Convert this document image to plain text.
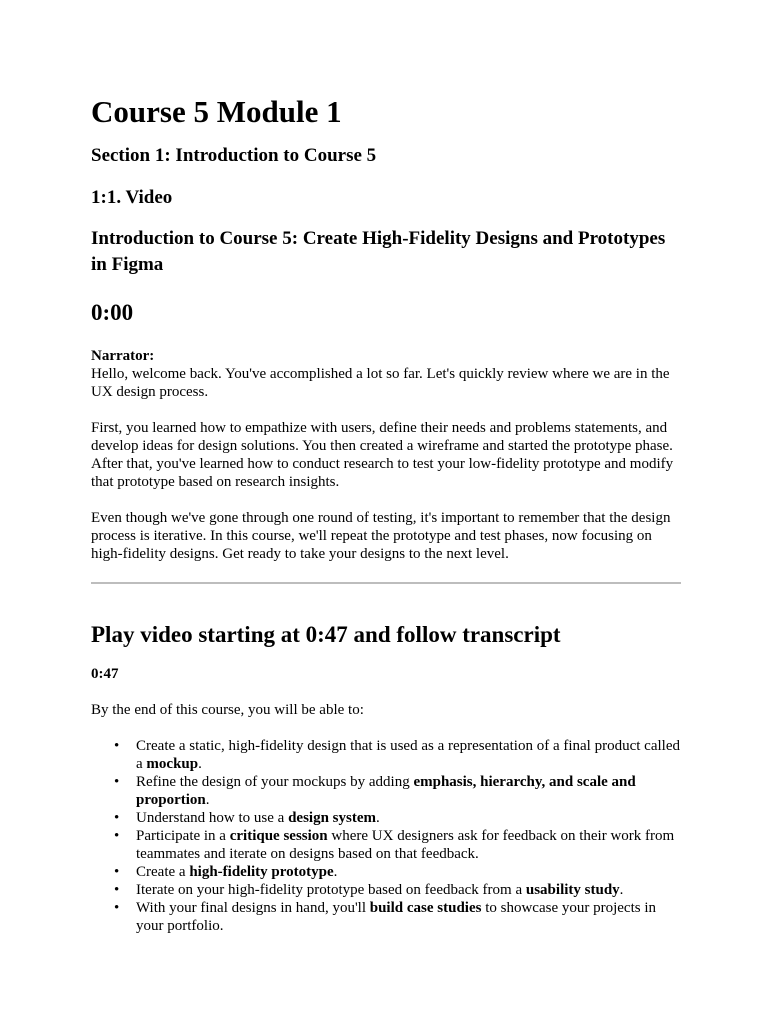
Course 5 Module 1
Section 1: Introduction to Course 5
1:1. Video
Introduction to Course 5: Create High-Fidelity Designs and Prototypes in Figma
0:00

Narrator:
Hello, welcome back. You've accomplished a lot so far. Let's quickly review where we are in the UX design process.

First, you learned how to empathize with users, define their needs and problems statements, and develop ideas for design solutions. You then created a wireframe and started the prototype phase. After that, you've learned how to conduct research to test your low-fidelity prototype and modify that prototype based on research insights.

Even though we've gone through one round of testing, it's important to remember that the design process is iterative. In this course, we'll repeat the prototype and test phases, now focusing on high-fidelity designs. Get ready to take your designs to the next level.

Play video starting at 0:47 and follow transcript

0:47

By the end of this course, you will be able to:

• Create a static, high-fidelity design that is used as a representation of a final product called a mockup.
• Refine the design of your mockups by adding emphasis, hierarchy, and scale and proportion.
• Understand how to use a design system.
• Participate in a critique session where UX designers ask for feedback on their work from teammates and iterate on designs based on that feedback.
• Create a high-fidelity prototype.
• Iterate on your high-fidelity prototype based on feedback from a usability study.
• With your final designs in hand, you'll build case studies to showcase your projects in your portfolio.
